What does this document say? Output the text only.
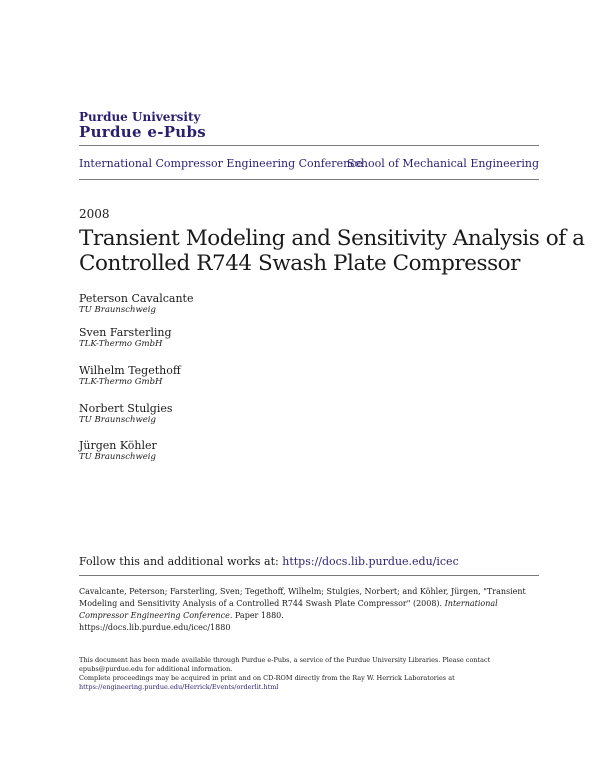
Purdue University
Purdue e-Pubs
International Compressor Engineering Conference
School of Mechanical Engineering
2008
Transient Modeling and Sensitivity Analysis of a
Controlled R744 Swash Plate Compressor
Peterson Cavalcante
TU Braunschweig
Sven Farsterling
TLK-Thermo GmbH
Wilhelm Tegethoff
TLK-Thermo GmbH
Norbert Stulgies
TU Braunschweig
Jürgen Köhler
TU Braunschweig
Follow this and additional works at: https://docs.lib.purdue.edu/icec
Cavalcante, Peterson; Farsterling, Sven; Tegethoff, Wilhelm; Stulgies, Norbert; and Köhler, Jürgen, "Transient Modeling and Sensitivity Analysis of a Controlled R744 Swash Plate Compressor" (2008). International Compressor Engineering Conference. Paper 1880.
https://docs.lib.purdue.edu/icec/1880
This document has been made available through Purdue e-Pubs, a service of the Purdue University Libraries. Please contact epubs@purdue.edu for additional information.
Complete proceedings may be acquired in print and on CD-ROM directly from the Ray W. Herrick Laboratories at https://engineering.purdue.edu/Herrick/Events/orderlit.html
